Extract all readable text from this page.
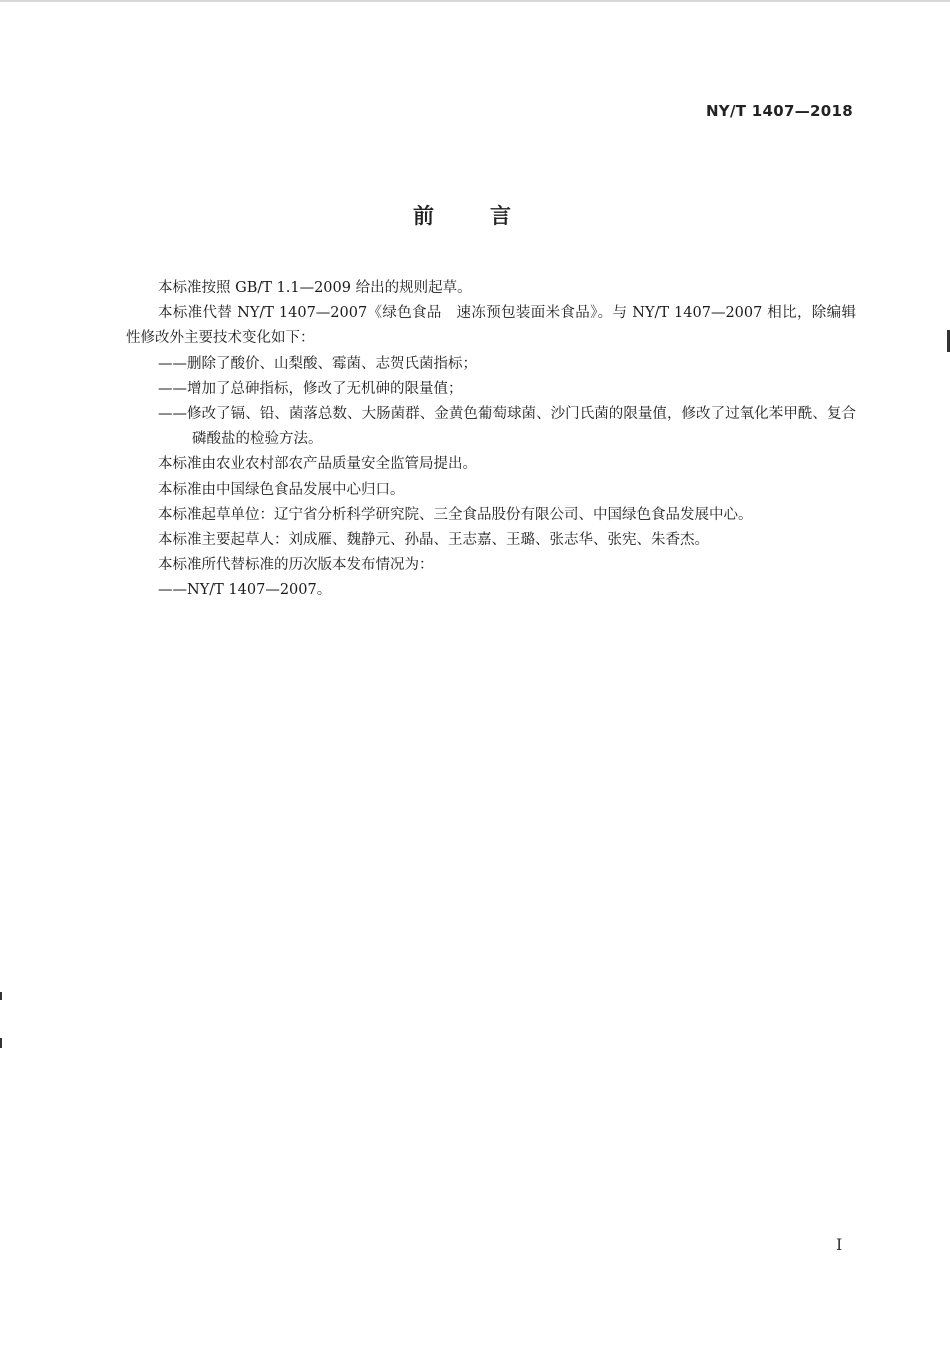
NY/T 1407—2018
前言

本标准按照 GB/T 1.1—2009 给出的规则起草。

本标准代替 NY/T 1407—2007《绿色食品　速冻预包装面米食品》。与 NY/T 1407—2007 相比，除编辑性修改外主要技术变化如下：

——删除了酸价、山梨酸、霉菌、志贺氏菌指标；

——增加了总砷指标，修改了无机砷的限量值；

——修改了镉、铅、菌落总数、大肠菌群、金黄色葡萄球菌、沙门氏菌的限量值，修改了过氧化苯甲酰、复合磷酸盐的检验方法。

本标准由农业农村部农产品质量安全监管局提出。

本标准由中国绿色食品发展中心归口。

本标准起草单位：辽宁省分析科学研究院、三全食品股份有限公司、中国绿色食品发展中心。

本标准主要起草人：刘成雁、魏静元、孙晶、王志嘉、王璐、张志华、张宪、朱香杰。

本标准所代替标准的历次版本发布情况为：

——NY/T 1407—2007。

I
